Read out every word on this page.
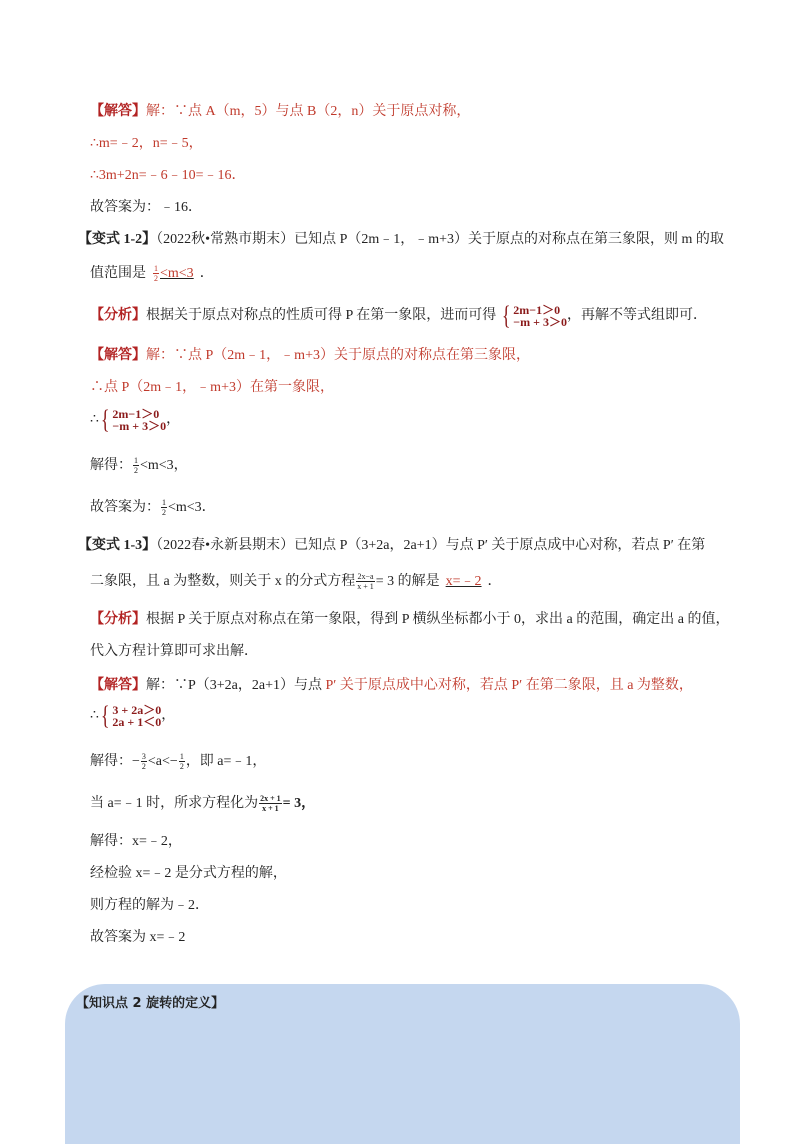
【解答】解：∵点 A（m，5）与点 B（2，n）关于原点对称，
∴m=﹣2，n=﹣5，
∴3m+2n=﹣6﹣10=﹣16．
故答案为：﹣16．
【变式 1-2】（2022秋•常熟市期末）已知点 P（2m﹣1，﹣m+3）关于原点的对称点在第三象限，则 m 的取
值范围是 $\frac{1}{2} <m<3$ ．
【分析】根据关于原点对称点的性质可得 P 在第一象限，进而可得 { 2m−1＞0
−m + 3＞0 ，再解不等式组即可．
【解答】解：∵点 P（2m﹣1，﹣m+3）关于原点的对称点在第三象限，
∴点 P（2m﹣1，﹣m+3）在第一象限，
∴ { 2m−1＞0
−m + 3＞0 ，
解得： $\frac{1}{2} <m<3$，
故答案为： $\frac{1}{2} <m<3$．
【变式 1-3】（2022春•永新县期末）已知点 P（3+2a，2a+1）与点 P′ 关于原点成中心对称，若点 P′ 在第
二象限，且 a 为整数，则关于 x 的分式方程 $\frac{2x-a}{x + 1} = 3$ 的解是 x=﹣2 ．
【分析】根据 P 关于原点对称点在第一象限，得到 P 横纵坐标都小于 0，求出 a 的范围，确定出 a 的值，
代入方程计算即可求出解．
【解答】解：∵P（3+2a，2a+1）与点 P′ 关于原点成中心对称，若点 P′ 在第二象限，且 a 为整数，
∴ { 3 + 2a＞0
2a + 1＜0 ，
解得：− $\frac{3}{2} <a<- \frac{1}{2}$ ，即 a=﹣1，
当 a=﹣1 时，所求方程化为 $\frac{2x + 1}{x + 1} = 3$，
解得：x=﹣2，
经检验 x=﹣2 是分式方程的解，
则方程的解为﹣2．
故答案为 x=﹣2
【知识点 2 旋转的定义】
